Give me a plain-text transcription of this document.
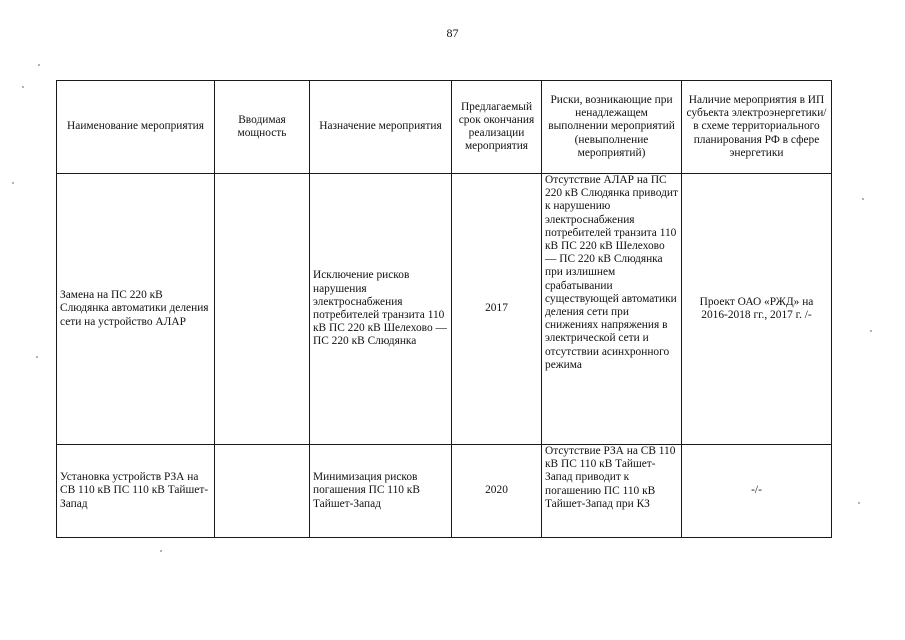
87
Наименование мероприятия	Вводимая мощность	Назначение мероприятия	Предлагаемый срок окончания реализации мероприятия	Риски, возникающие при ненадлежащем выполнении мероприятий (невыполнение мероприятий)	Наличие мероприятия в ИП субъекта электроэнергетики/в схеме территориального планирования РФ в сфере энергетики
Замена на ПС 220 кВ Слюдянка автоматики деления сети на устройство АЛАР		Исключение рисков нарушения электроснабжения потребителей транзита 110 кВ ПС 220 кВ Шелехово — ПС 220 кВ Слюдянка	2017	Отсутствие АЛАР на ПС 220 кВ Слюдянка приводит к нарушению электроснабжения потребителей транзита 110 кВ ПС 220 кВ Шелехово — ПС 220 кВ Слюдянка при излишнем срабатывании существующей автоматики деления сети при снижениях напряжения в электрической сети и отсутствии асинхронного режима	Проект ОАО «РЖД» на 2016-2018 гг., 2017 г. /-
Установка устройств РЗА на СВ 110 кВ ПС 110 кВ Тайшет-Запад		Минимизация рисков погашения ПС 110 кВ Тайшет-Запад	2020	Отсутствие РЗА на СВ 110 кВ ПС 110 кВ Тайшет-Запад приводит к погашению ПС 110 кВ Тайшет-Запад при КЗ	-/-
